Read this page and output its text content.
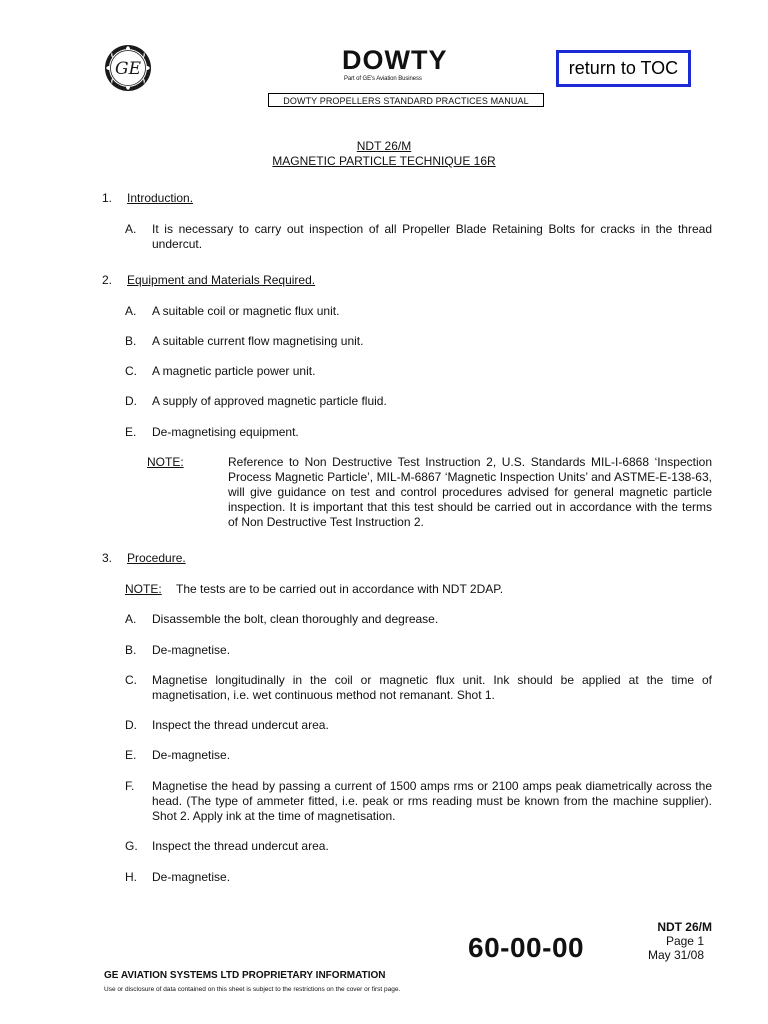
GE	DOWTY
Part of GE's Aviation Business
DOWTY PROPELLERS STANDARD PRACTICES MANUAL
return to TOC
NDT 26/M
MAGNETIC PARTICLE TECHNIQUE 16R
1. Introduction.
A. It is necessary to carry out inspection of all Propeller Blade Retaining Bolts for cracks in the thread undercut.
2. Equipment and Materials Required.
A. A suitable coil or magnetic flux unit.
B. A suitable current flow magnetising unit.
C. A magnetic particle power unit.
D. A supply of approved magnetic particle fluid.
E. De-magnetising equipment.
NOTE:	Reference to Non Destructive Test Instruction 2, U.S. Standards MIL-I-6868 ‘Inspection Process Magnetic Particle’, MIL-M-6867 ‘Magnetic Inspection Units’ and ASTME-E-138-63, will give guidance on test and control procedures advised for general magnetic particle inspection. It is important that this test should be carried out in accordance with the terms of Non Destructive Test Instruction 2.
3. Procedure.
NOTE: The tests are to be carried out in accordance with NDT 2DAP.
A. Disassemble the bolt, clean thoroughly and degrease.
B. De-magnetise.
C. Magnetise longitudinally in the coil or magnetic flux unit. Ink should be applied at the time of magnetisation, i.e. wet continuous method not remanant. Shot 1.
D. Inspect the thread undercut area.
E. De-magnetise.
F. Magnetise the head by passing a current of 1500 amps rms or 2100 amps peak diametrically across the head. (The type of ammeter fitted, i.e. peak or rms reading must be known from the machine supplier). Shot 2. Apply ink at the time of magnetisation.
G. Inspect the thread undercut area.
H. De-magnetise.
NDT 26/M
Page 1
May 31/08
60-00-00
GE AVIATION SYSTEMS LTD PROPRIETARY INFORMATION
Use or disclosure of data contained on this sheet is subject to the restrictions on the cover or first page.
